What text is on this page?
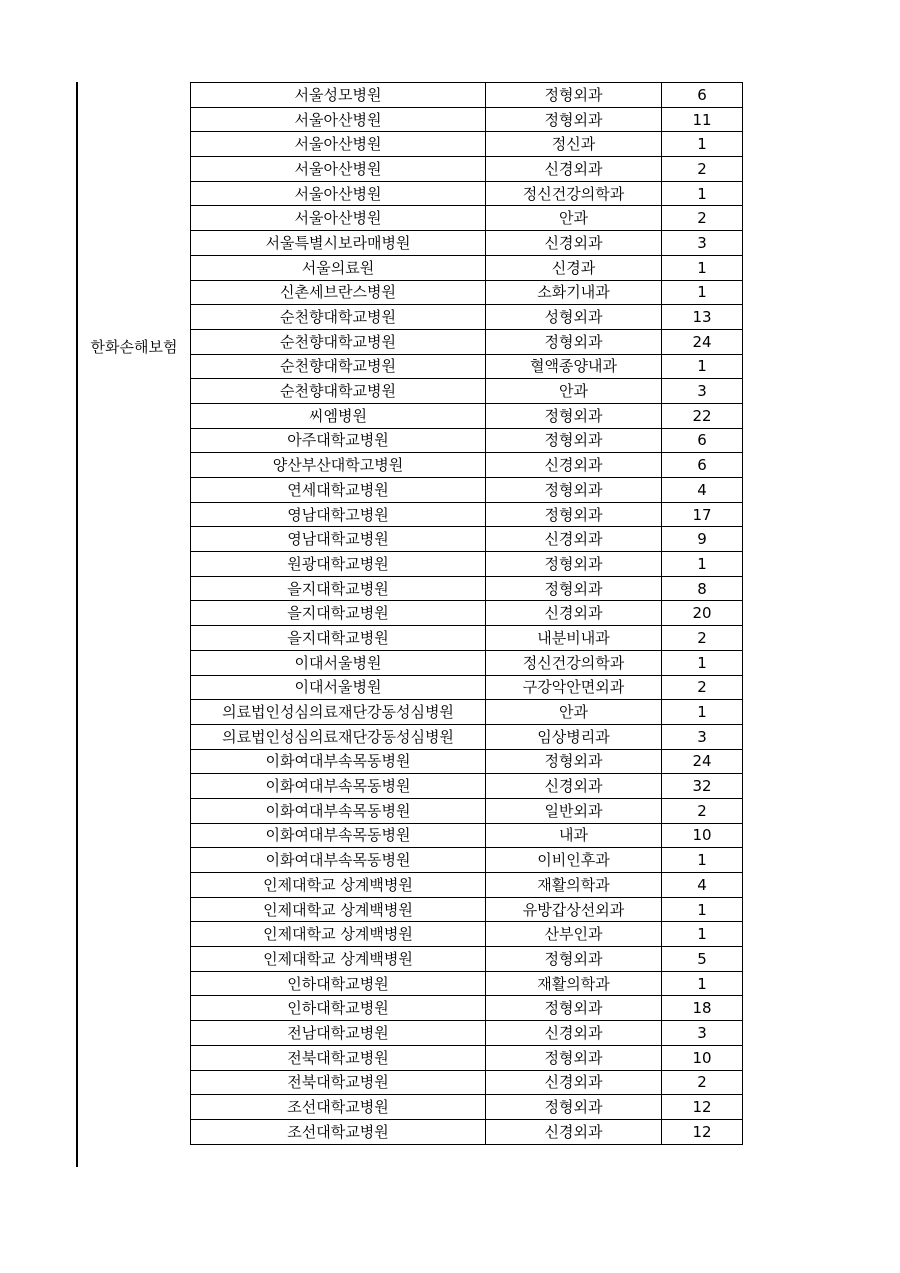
한화손해보험
서울성모병원	정형외과	6
서울아산병원	정형외과	11
서울아산병원	정신과	1
서울아산병원	신경외과	2
서울아산병원	정신건강의학과	1
서울아산병원	안과	2
서울특별시보라매병원	신경외과	3
서울의료원	신경과	1
신촌세브란스병원	소화기내과	1
순천향대학교병원	성형외과	13
순천향대학교병원	정형외과	24
순천향대학교병원	혈액종양내과	1
순천향대학교병원	안과	3
씨엠병원	정형외과	22
아주대학교병원	정형외과	6
양산부산대학고병원	신경외과	6
연세대학교병원	정형외과	4
영남대학고병원	정형외과	17
영남대학교병원	신경외과	9
원광대학교병원	정형외과	1
을지대학교병원	정형외과	8
을지대학교병원	신경외과	20
을지대학교병원	내분비내과	2
이대서울병원	정신건강의학과	1
이대서울병원	구강악안면외과	2
의료법인성심의료재단강동성심병원	안과	1
의료법인성심의료재단강동성심병원	임상병리과	3
이화여대부속목동병원	정형외과	24
이화여대부속목동병원	신경외과	32
이화여대부속목동병원	일반외과	2
이화여대부속목동병원	내과	10
이화여대부속목동병원	이비인후과	1
인제대학교 상계백병원	재활의학과	4
인제대학교 상계백병원	유방갑상선외과	1
인제대학교 상계백병원	산부인과	1
인제대학교 상계백병원	정형외과	5
인하대학교병원	재활의학과	1
인하대학교병원	정형외과	18
전남대학교병원	신경외과	3
전북대학교병원	정형외과	10
전북대학교병원	신경외과	2
조선대학교병원	정형외과	12
조선대학교병원	신경외과	12
